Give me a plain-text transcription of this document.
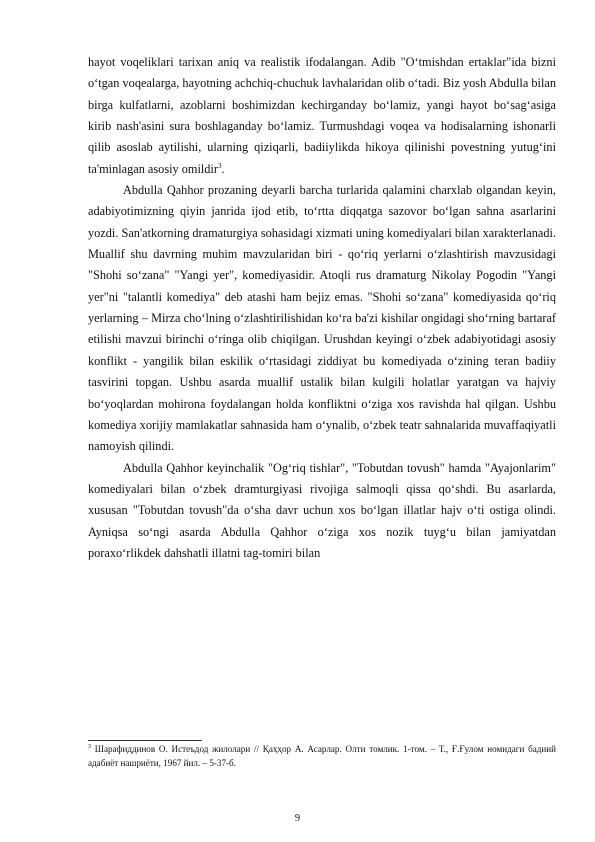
hayot voqeliklari tarixan aniq va realistik ifodalangan. Adib "O‘tmishdan ertaklar"ida bizni o‘tgan voqealarga, hayotning achchiq-chuchuk lavhalaridan olib o‘tadi. Biz yosh Abdulla bilan birga kulfatlarni, azoblarni boshimizdan kechirganday bo‘lamiz, yangi hayot bo‘sag‘asiga kirib nash'asini sura boshlaganday bo‘lamiz. Turmushdagi voqea va hodisalarning ishonarli qilib asoslab aytilishi, ularning qiziqarli, badiiylikda hikoya qilinishi povestning yutug‘ini ta'minlagan asosiy omildir$^3$.

Abdulla Qahhor prozaning deyarli barcha turlarida qalamini charxlab olgandan keyin, adabiyotimizning qiyin janrida ijod etib, to‘rtta diqqatga sazovor bo‘lgan sahna asarlarini yozdi. San'atkorning dramaturgiya sohasidagi xizmati uning komediyalari bilan xarakterlanadi. Muallif shu davrning muhim mavzularidan biri - qo‘riq yerlarni o‘zlashtirish mavzusidagi "Shohi so‘zana" "Yangi yer", komediyasidir. Atoqli rus dramaturg Nikolay Pogodin "Yangi yer"ni "talantli komediya" deb atashi ham bejiz emas. "Shohi so‘zana" komediyasida qo‘riq yerlarning – Mirza cho‘lning o‘zlashtirilishidan ko‘ra ba'zi kishilar ongidagi sho‘rning bartaraf etilishi mavzui birinchi o‘ringa olib chiqilgan. Urushdan keyingi o‘zbek adabiyotidagi asosiy konflikt - yangilik bilan eskilik o‘rtasidagi ziddiyat bu komediyada o‘zining teran badiiy tasvirini topgan. Ushbu asarda muallif ustalik bilan kulgili holatlar yaratgan va hajviy bo‘yoqlardan mohirona foydalangan holda konfliktni o‘ziga xos ravishda hal qilgan. Ushbu komediya xorijiy mamlakatlar sahnasida ham o‘ynalib, o‘zbek teatr sahnalarida muvaffaqiyatli namoyish qilindi.

Abdulla Qahhor keyinchalik "Og‘riq tishlar", "Tobutdan tovush" hamda "Ayajonlarim" komediyalari bilan o‘zbek dramturgiyasi rivojiga salmoqli qissa qo‘shdi. Bu asarlarda, xususan "Tobutdan tovush"da o‘sha davr uchun xos bo‘lgan illatlar hajv o‘ti ostiga olindi. Ayniqsa so‘ngi asarda Abdulla Qahhor o‘ziga xos nozik tuyg‘u bilan jamiyatdan poraxo‘rlikdek dahshatli illatni tag-tomiri bilan

$^3$ Шарафиддинов О. Истеъдод жилолари // Қаҳҳор А. Асарлар. Олти томлик. 1-том. – Т., Ғ.Ғулом номидаги бадиий адабиёт нашриёти, 1967 йил. – 5-37-б.
9
